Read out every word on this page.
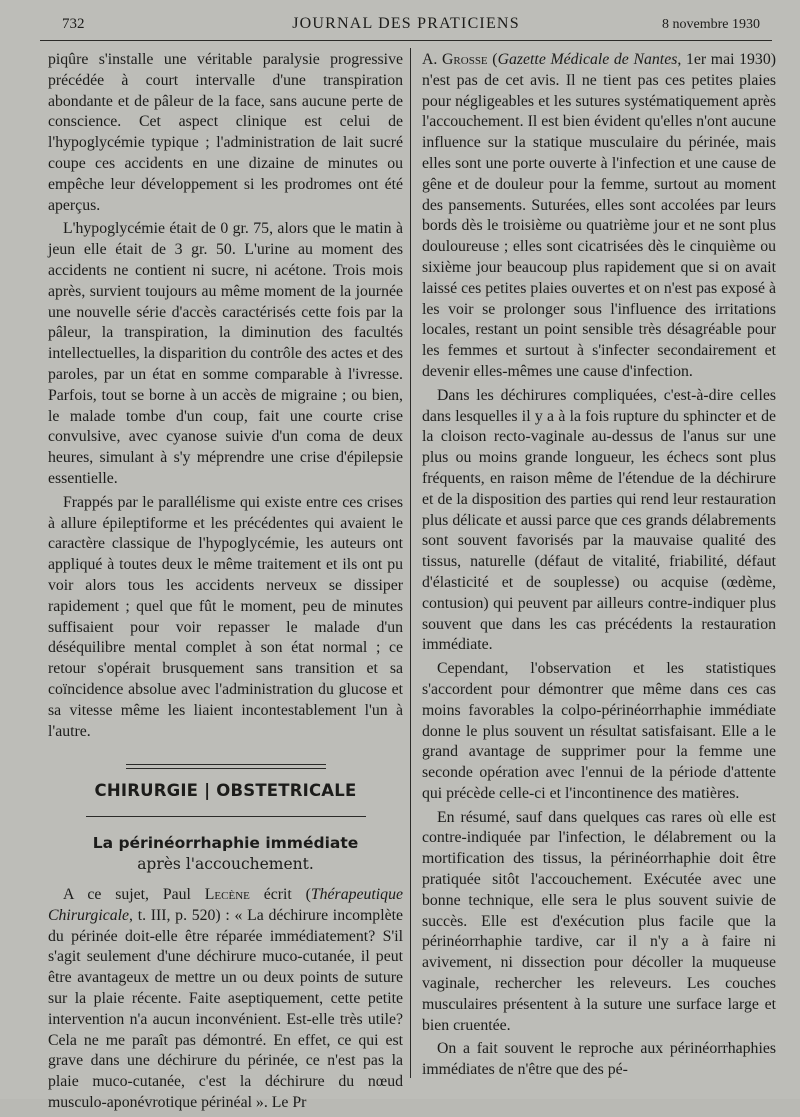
732	JOURNAL DES PRATICIENS	8 novembre 1930

piqûre s'installe une véritable paralysie progressive précédée à court intervalle d'une transpiration abondante et de pâleur de la face, sans aucune perte de conscience. Cet aspect clinique est celui de l'hypoglycémie typique ; l'administration de lait sucré coupe ces accidents en une dizaine de minutes ou empêche leur développement si les prodromes ont été aperçus.

L'hypoglycémie était de 0 gr. 75, alors que le matin à jeun elle était de 3 gr. 50. L'urine au moment des accidents ne contient ni sucre, ni acétone. Trois mois après, survient toujours au même moment de la journée une nouvelle série d'accès caractérisés cette fois par la pâleur, la transpiration, la diminution des facultés intellectuelles, la disparition du contrôle des actes et des paroles, par un état en somme comparable à l'ivresse. Parfois, tout se borne à un accès de migraine ; ou bien, le malade tombe d'un coup, fait une courte crise convulsive, avec cyanose suivie d'un coma de deux heures, simulant à s'y méprendre une crise d'épilepsie essentielle.

Frappés par le parallélisme qui existe entre ces crises à allure épileptiforme et les précédentes qui avaient le caractère classique de l'hypoglycémie, les auteurs ont appliqué à toutes deux le même traitement et ils ont pu voir alors tous les accidents nerveux se dissiper rapidement ; quel que fût le moment, peu de minutes suffisaient pour voir repasser le malade d'un déséquilibre mental complet à son état normal ; ce retour s'opérait brusquement sans transition et sa coïncidence absolue avec l'administration du glucose et sa vitesse même les liaient incontestablement l'un à l'autre.

CHIRURGIE | OBSTETRICALE
La périnéorrhaphie immédiate
après l'accouchement.

A ce sujet, Paul Lecène écrit (Thérapeutique Chirurgicale, t. III, p. 520) : « La déchirure incomplète du périnée doit-elle être réparée immédiatement? S'il s'agit seulement d'une déchirure muco-cutanée, il peut être avantageux de mettre un ou deux points de suture sur la plaie récente. Faite aseptiquement, cette petite intervention n'a aucun inconvénient. Est-elle très utile? Cela ne me paraît pas démontré. En effet, ce qui est grave dans une déchirure du périnée, ce n'est pas la plaie muco-cutanée, c'est la déchirure du nœud musculo-aponévrotique périnéal ». Le Pr

A. Grosse (Gazette Médicale de Nantes, 1er mai 1930) n'est pas de cet avis. Il ne tient pas ces petites plaies pour négligeables et les sutures systématiquement après l'accouchement. Il est bien évident qu'elles n'ont aucune influence sur la statique musculaire du périnée, mais elles sont une porte ouverte à l'infection et une cause de gêne et de douleur pour la femme, surtout au moment des pansements. Suturées, elles sont accolées par leurs bords dès le troisième ou quatrième jour et ne sont plus douloureuse ; elles sont cicatrisées dès le cinquième ou sixième jour beaucoup plus rapidement que si on avait laissé ces petites plaies ouvertes et on n'est pas exposé à les voir se prolonger sous l'influence des irritations locales, restant un point sensible très désagréable pour les femmes et surtout à s'infecter secondairement et devenir elles-mêmes une cause d'infection.

Dans les déchirures compliquées, c'est-à-dire celles dans lesquelles il y a à la fois rupture du sphincter et de la cloison recto-vaginale au-dessus de l'anus sur une plus ou moins grande longueur, les échecs sont plus fréquents, en raison même de l'étendue de la déchirure et de la disposition des parties qui rend leur restauration plus délicate et aussi parce que ces grands délabrements sont souvent favorisés par la mauvaise qualité des tissus, naturelle (défaut de vitalité, friabilité, défaut d'élasticité et de souplesse) ou acquise (œdème, contusion) qui peuvent par ailleurs contre-indiquer plus souvent que dans les cas précédents la restauration immédiate.

Cependant, l'observation et les statistiques s'accordent pour démontrer que même dans ces cas moins favorables la colpo-périnéorrhaphie immédiate donne le plus souvent un résultat satisfaisant. Elle a le grand avantage de supprimer pour la femme une seconde opération avec l'ennui de la période d'attente qui précède celle-ci et l'incontinence des matières.

En résumé, sauf dans quelques cas rares où elle est contre-indiquée par l'infection, le délabrement ou la mortification des tissus, la périnéorrhaphie doit être pratiquée sitôt l'accouchement. Exécutée avec une bonne technique, elle sera le plus souvent suivie de succès. Elle est d'exécution plus facile que la périnéorrhaphie tardive, car il n'y a à faire ni avivement, ni dissection pour décoller la muqueuse vaginale, rechercher les releveurs. Les couches musculaires présentent à la suture une surface large et bien cruentée.

On a fait souvent le reproche aux périnéorrhaphies immédiates de n'être que des pé-
